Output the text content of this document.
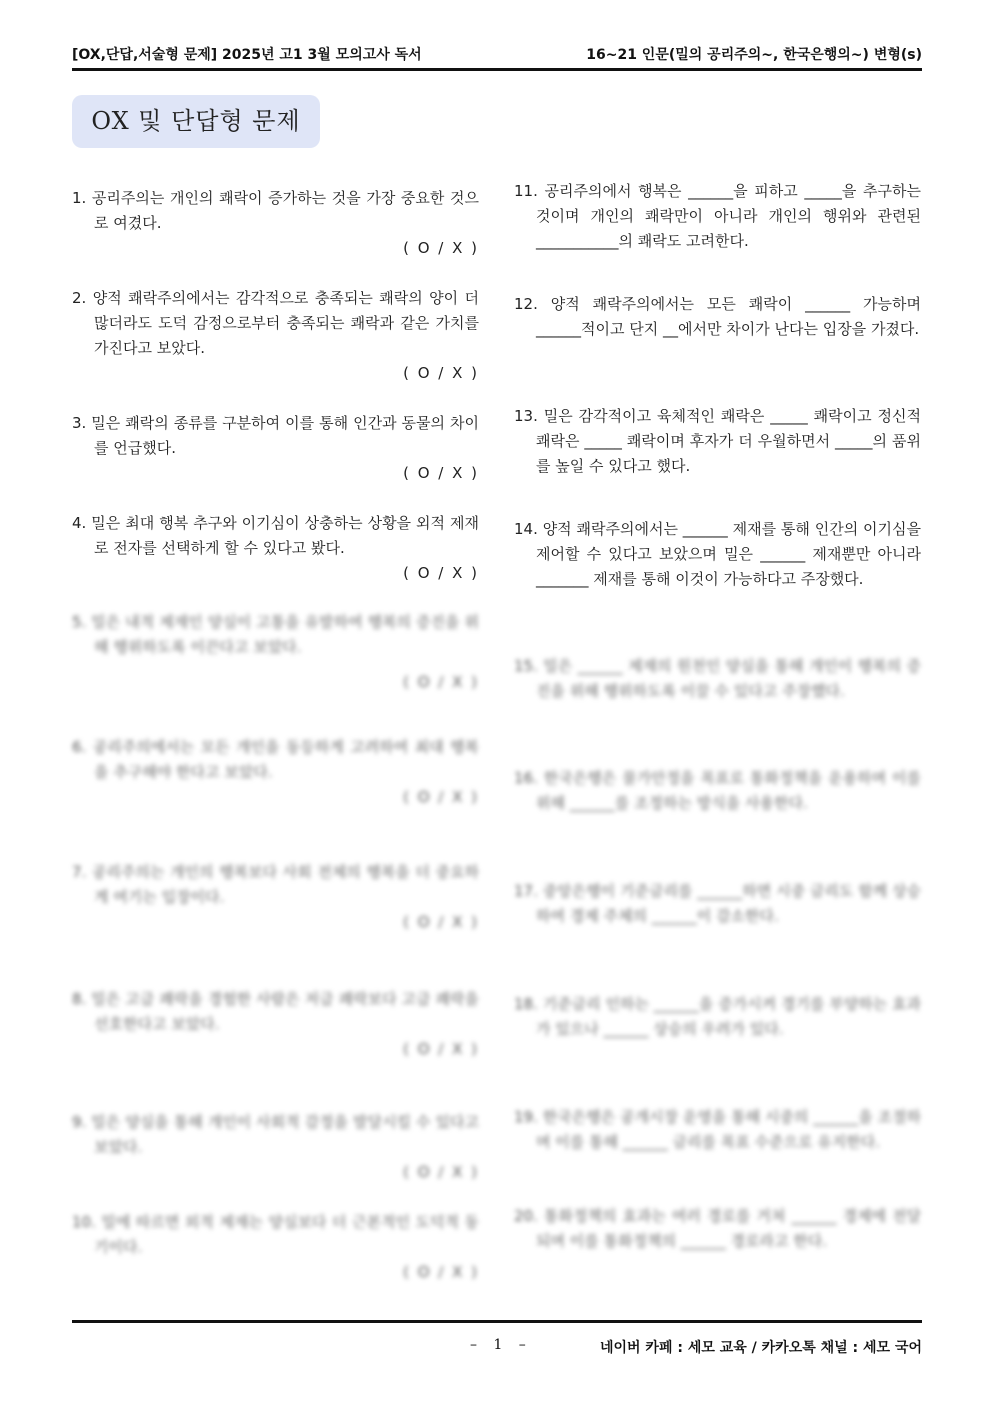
[OX,단답,서술형 문제] 2025년 고1 3월 모의고사 독서	16~21 인문(밀의 공리주의~, 한국은행의~) 변형(s)
OX 및 단답형 문제
1. 공리주의는 개인의 쾌락이 증가하는 것을 가장 중요한 것으로 여겼다.
( O / X )
2. 양적 쾌락주의에서는 감각적으로 충족되는 쾌락의 양이 더 많더라도 도덕 감정으로부터 충족되는 쾌락과 같은 가치를 가진다고 보았다.
( O / X )
3. 밀은 쾌락의 종류를 구분하여 이를 통해 인간과 동물의 차이를 언급했다.
( O / X )
4. 밀은 최대 행복 추구와 이기심이 상충하는 상황을 외적 제재로 전자를 선택하게 할 수 있다고 봤다.
( O / X )
5. 밀은 내적 제재인 양심이 고통을 유발하여 행복의 증진을 위해 행위하도록 이끈다고 보았다.
( O / X )
6. 공리주의에서는 모든 개인을 동등하게 고려하여 최대 행복을 추구해야 한다고 보았다.
( O / X )
7. 공리주의는 개인의 행복보다 사회 전체의 행복을 더 중요하게 여기는 입장이다.
( O / X )
8. 밀은 고급 쾌락을 경험한 사람은 저급 쾌락보다 고급 쾌락을 선호한다고 보았다.
( O / X )
9. 밀은 양심을 통해 개인이 사회적 감정을 발달시킬 수 있다고 보았다.
( O / X )
10. 밀에 따르면 외적 제재는 양심보다 더 근본적인 도덕적 동기이다.
( O / X )
11. 공리주의에서 행복은 ______을 피하고 _____을 추구하는 것이며 개인의 쾌락만이 아니라 개인의 행위와 관련된 ___________의 쾌락도 고려한다.
12. 양적 쾌락주의에서는 모든 쾌락이 ______ 가능하며 ______적이고 단지 __에서만 차이가 난다는 입장을 가졌다.
13. 밀은 감각적이고 육체적인 쾌락은 _____ 쾌락이고 정신적 쾌락은 _____ 쾌락이며 후자가 더 우월하면서 _____의 품위를 높일 수 있다고 했다.
14. 양적 쾌락주의에서는 ______ 제재를 통해 인간의 이기심을 제어할 수 있다고 보았으며 밀은 ______ 제재뿐만 아니라 _______ 제재를 통해 이것이 가능하다고 주장했다.
15. 밀은 ______ 제재의 원천인 양심을 통해 개인이 행복의 증진을 위해 행위하도록 이끌 수 있다고 주장했다.
16. 한국은행은 물가안정을 목표로 통화정책을 운용하며 이를 위해 ______를 조정하는 방식을 사용한다.
17. 중앙은행이 기준금리를 ______하면 시중 금리도 함께 상승하여 경제 주체의 ______이 감소한다.
18. 기준금리 인하는 ______을 증가시켜 경기를 부양하는 효과가 있으나 ______ 상승의 우려가 있다.
19. 한국은행은 공개시장 운영을 통해 시중의 ______을 조절하며 이를 통해 ______ 금리를 목표 수준으로 유지한다.
20. 통화정책의 효과는 여러 경로를 거쳐 ______ 경제에 전달되며 이를 통화정책의 ______ 경로라고 한다.
– 1 –	네이버 카페 : 세모 교육 / 카카오톡 채널 : 세모 국어
